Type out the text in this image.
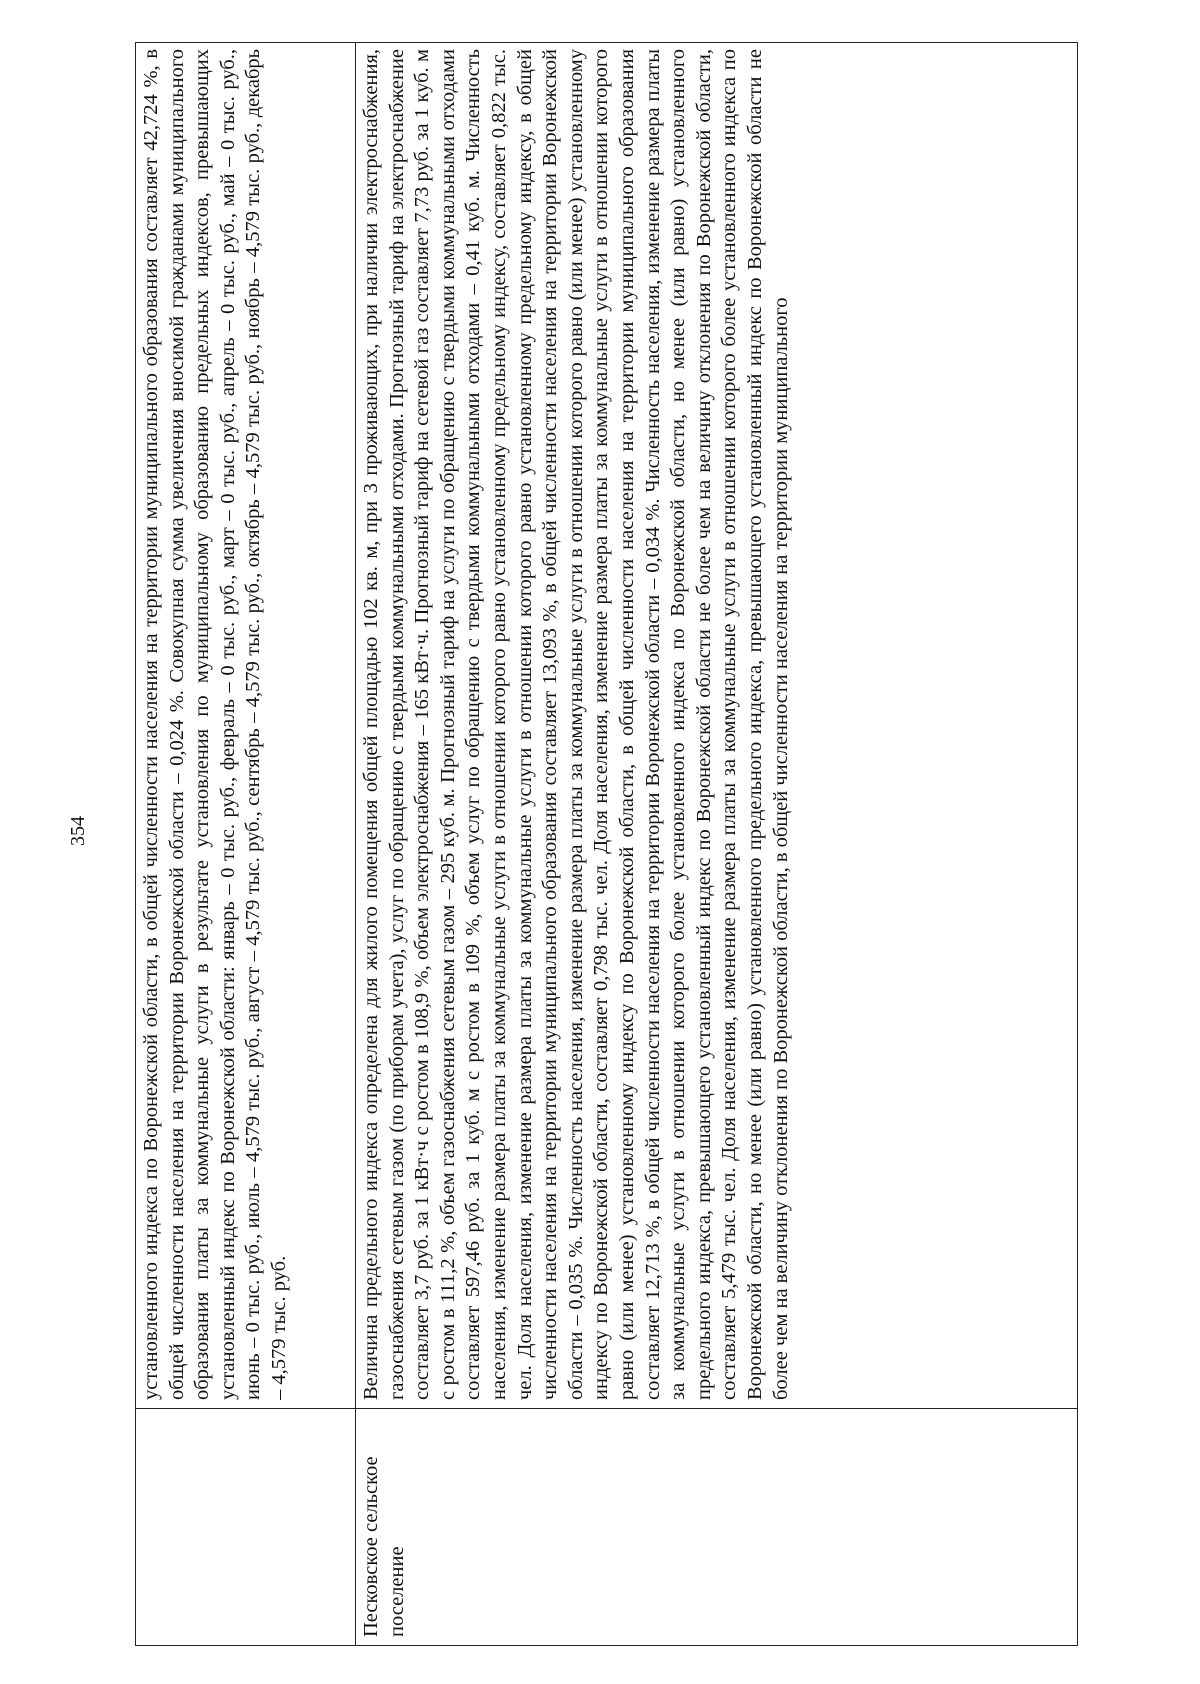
354

	установленного индекса по Воронежской области, в общей численности населения на территории муниципального образования составляет 42,724 %, в общей численности населения на территории Воронежской области – 0,024 %. Совокупная сумма увеличения вносимой гражданами муниципального образования платы за коммунальные услуги в результате установления по муниципальному образованию предельных индексов, превышающих установленный индекс по Воронежской области: январь – 0 тыс. руб., февраль – 0 тыс. руб., март – 0 тыс. руб., апрель – 0 тыс. руб., май – 0 тыс. руб., июнь – 0 тыс. руб., июль – 4,579 тыс. руб., август – 4,579 тыс. руб., сентябрь – 4,579 тыс. руб., октябрь – 4,579 тыс. руб., ноябрь – 4,579 тыс. руб., декабрь – 4,579 тыс. руб.

Песковское сельское поселение	Величина предельного индекса определена для жилого помещения общей площадью 102 кв. м, при 3 проживающих, при наличии электроснабжения, газоснабжения сетевым газом (по приборам учета), услуг по обращению с твердыми коммунальными отходами. Прогнозный тариф на электроснабжение составляет 3,7 руб. за 1 кВт·ч с ростом в 108,9 %, объем электроснабжения – 165 кВт·ч. Прогнозный тариф на сетевой газ составляет 7,73 руб. за 1 куб. м с ростом в 111,2 %, объем газоснабжения сетевым газом – 295 куб. м. Прогнозный тариф на услуги по обращению с твердыми коммунальными отходами составляет 597,46 руб. за 1 куб. м с ростом в 109 %, объем услуг по обращению с твердыми коммунальными отходами – 0,41 куб. м. Численность населения, изменение размера платы за коммунальные услуги в отношении которого равно установленному предельному индексу, составляет 0,822 тыс. чел. Доля населения, изменение размера платы за коммунальные услуги в отношении которого равно установленному предельному индексу, в общей численности населения на территории муниципального образования составляет 13,093 %, в общей численности населения на территории Воронежской области – 0,035 %. Численность населения, изменение размера платы за коммунальные услуги в отношении которого равно (или менее) установленному индексу по Воронежской области, составляет 0,798 тыс. чел. Доля населения, изменение размера платы за коммунальные услуги в отношении которого равно (или менее) установленному индексу по Воронежской области, в общей численности населения на территории муниципального образования составляет 12,713 %, в общей численности населения на территории Воронежской области – 0,034 %. Численность населения, изменение размера платы за коммунальные услуги в отношении которого более установленного индекса по Воронежской области, но менее (или равно) установленного предельного индекса, превышающего установленный индекс по Воронежской области не более чем на величину отклонения по Воронежской области, составляет 5,479 тыс. чел. Доля населения, изменение размера платы за коммунальные услуги в отношении которого более установленного индекса по Воронежской области, но менее (или равно) установленного предельного индекса, превышающего установленный индекс по Воронежской области не более чем на величину отклонения по Воронежской области, в общей численности населения на территории муниципального
